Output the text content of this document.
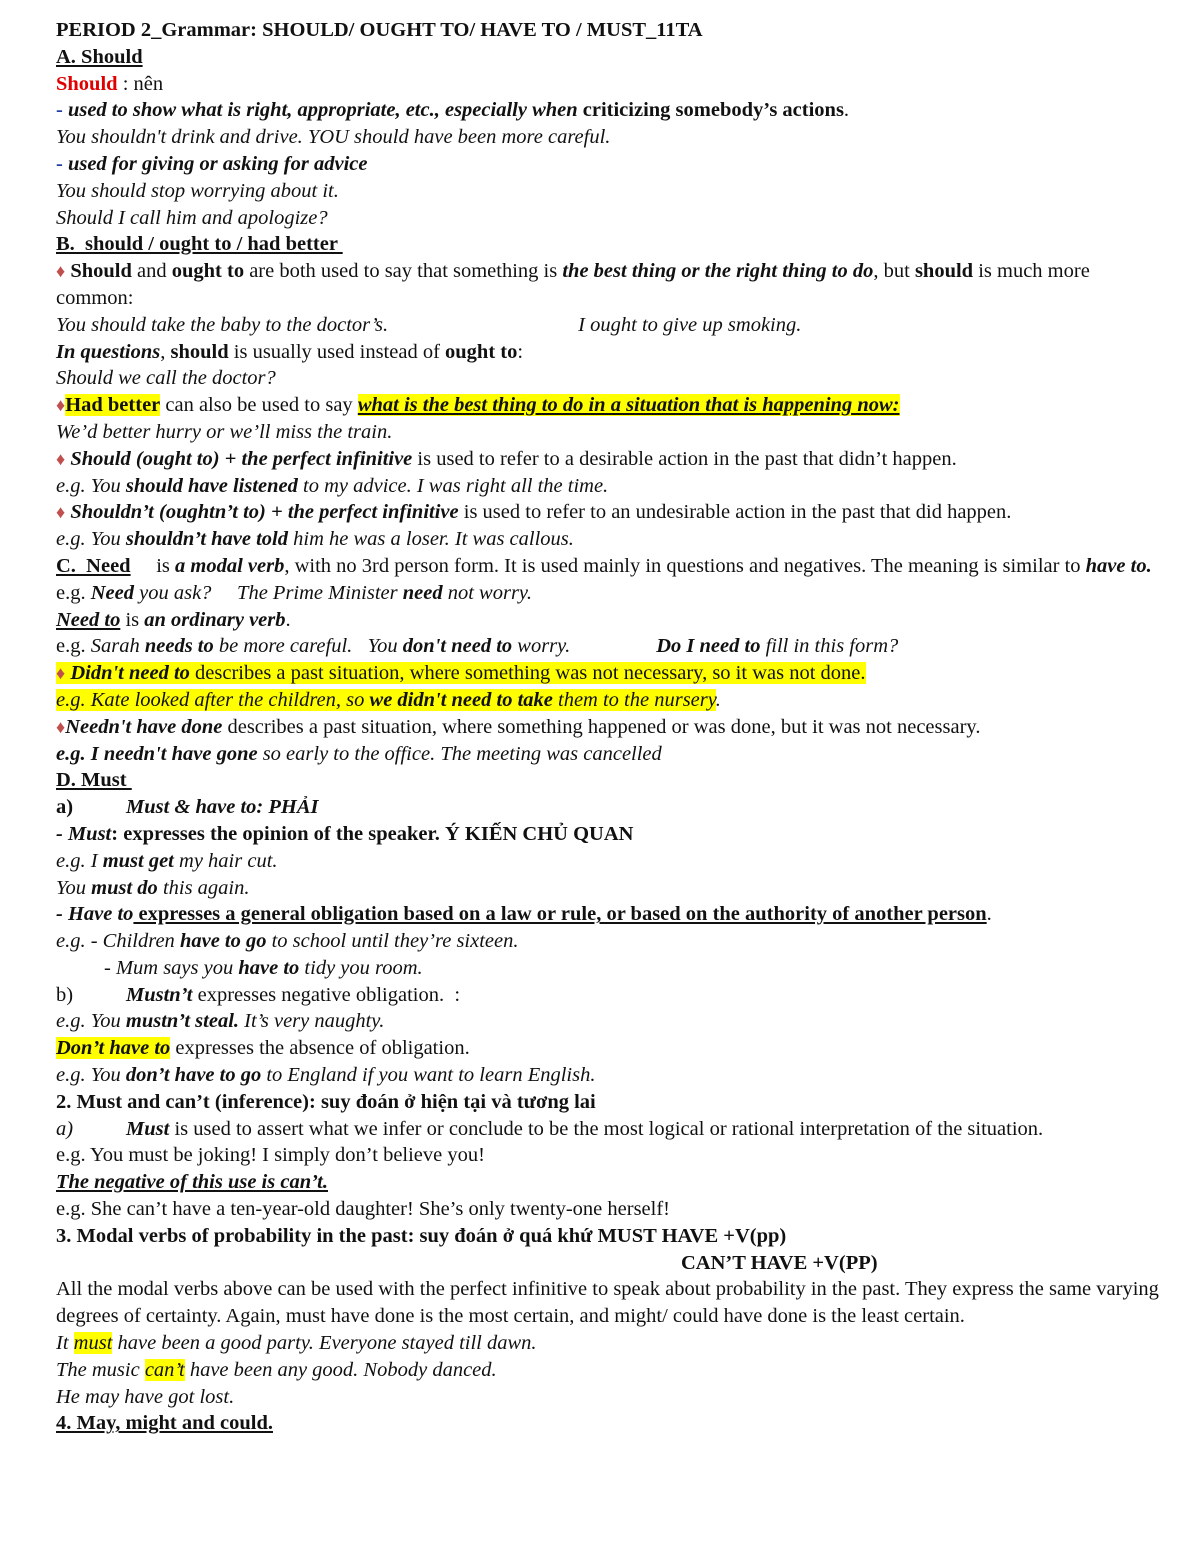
PERIOD 2_Grammar: SHOULD/ OUGHT TO/ HAVE TO / MUST_11TA
A. Should
Should : nên
- used to show what is right, appropriate, etc., especially when criticizing somebody’s actions.
You shouldn't drink and drive. YOU should have been more careful.
- used for giving or asking for advice
You should stop worrying about it.
Should I call him and apologize?
B.  should / ought to / had better
♦ Should and ought to are both used to say that something is the best thing or the right thing to do, but should is much more common:
You should take the baby to the doctor’s.	I ought to give up smoking.
In questions, should is usually used instead of ought to:
Should we call the doctor?
♦Had better can also be used to say what is the best thing to do in a situation that is happening now:
We’d better hurry or we’ll miss the train.
♦ Should (ought to) + the perfect infinitive is used to refer to a desirable action in the past that didn’t happen.
e.g. You should have listened to my advice. I was right all the time.
♦ Shouldn’t (oughtn’t to) + the perfect infinitive is used to refer to an undesirable action in the past that did happen.
e.g. You shouldn’t have told him he was a loser. It was callous.
C.  Need     is a modal verb, with no 3rd person form. It is used mainly in questions and negatives. The meaning is similar to have to.
e.g. Need you ask?     The Prime Minister need not worry.
Need to is an ordinary verb.
e.g. Sarah needs to be more careful.   You don't need to worry.	Do I need to fill in this form?
♦ Didn't need to describes a past situation, where something was not necessary, so it was not done.
e.g. Kate looked after the children, so we didn't need to take them to the nursery.
♦Needn't have done describes a past situation, where something happened or was done, but it was not necessary.
e.g. I needn't have gone so early to the office. The meeting was cancelled
D. Must
a)	Must & have to: PHẢI
- Must: expresses the opinion of the speaker. Ý KIẾN CHỦ QUAN
e.g. I must get my hair cut.
You must do this again.
- Have to expresses a general obligation based on a law or rule, or based on the authority of another person.
e.g. - Children have to go to school until they’re sixteen.
- Mum says you have to tidy you room.
b)	Mustn’t expresses negative obligation.  :
e.g. You mustn’t steal. It’s very naughty.
Don’t have to expresses the absence of obligation.
e.g. You don’t have to go to England if you want to learn English.
2. Must and can’t (inference): suy đoán ở hiện tại và tương lai
a)	Must is used to assert what we infer or conclude to be the most logical or rational interpretation of the situation.
e.g. You must be joking! I simply don’t believe you!
The negative of this use is can’t.
e.g. She can’t have a ten-year-old daughter! She’s only twenty-one herself!
3. Modal verbs of probability in the past: suy đoán ở quá khứ MUST HAVE +V(pp)
CAN’T HAVE +V(PP)
All the modal verbs above can be used with the perfect infinitive to speak about probability in the past. They express the same varying degrees of certainty. Again, must have done is the most certain, and might/ could have done is the least certain.
It must have been a good party. Everyone stayed till dawn.
The music can’t have been any good. Nobody danced.
He may have got lost.
4. May, might and could.
